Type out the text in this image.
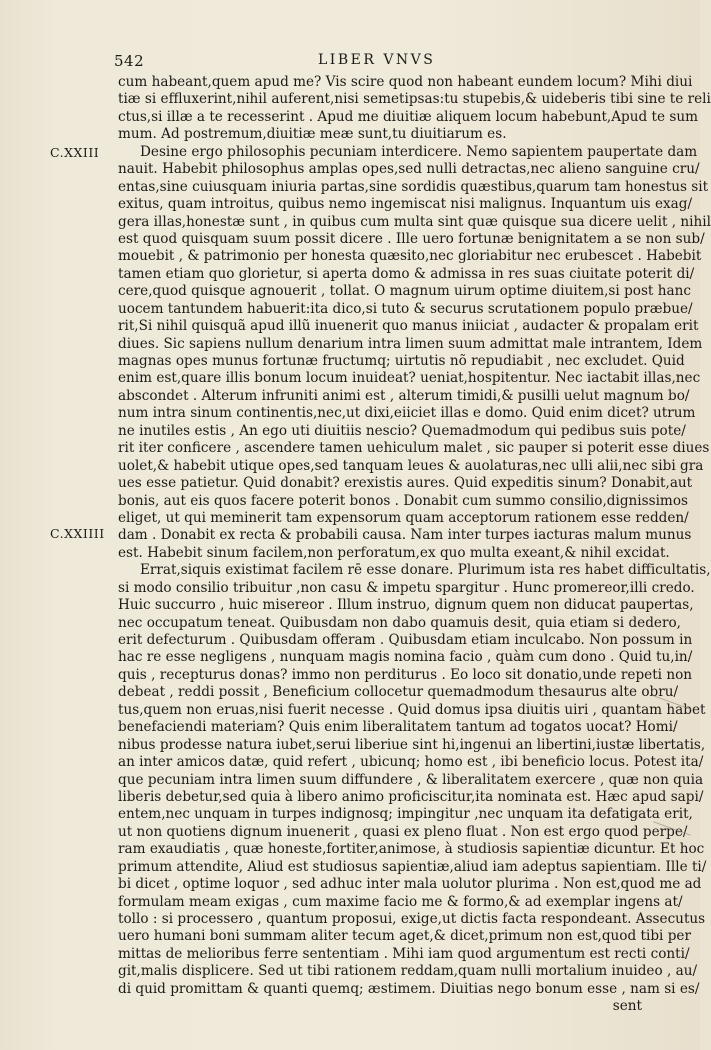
542	LIBER VNVS
C.XXIII
C.XXIIII
cum habeant,quem apud me? Vis scire quod non habeant eundem locum? Mihi diui
tiæ si effluxerint,nihil auferent,nisi semetipsas:tu stupebis,& uideberis tibi sine te reli
ctus,si illæ a te recesserint . Apud me diuitiæ aliquem locum habebunt,Apud te sum
mum. Ad postremum,diuitiæ meæ sunt,tu diuitiarum es.
Desine ergo philosophis pecuniam interdicere. Nemo sapientem paupertate dam
nauit. Habebit philosophus amplas opes,sed nulli detractas,nec alieno sanguine cru/
entas,sine cuiusquam iniuria partas,sine sordidis quæstibus,quarum tam honestus sit
exitus, quam introitus, quibus nemo ingemiscat nisi malignus. Inquantum uis exag/
gera illas,honestæ sunt , in quibus cum multa sint quæ quisque sua dicere uelit , nihil
est quod quisquam suum possit dicere . Ille uero fortunæ benignitatem a se non sub/
mouebit , & patrimonio per honesta quæsito,nec gloriabitur nec erubescet . Habebit
tamen etiam quo glorietur, si aperta domo & admissa in res suas ciuitate poterit di/
cere,quod quisque agnouerit , tollat. O magnum uirum optime diuitem,si post hanc
uocem tantundem habuerit:ita dico,si tuto & securus scrutationem populo præbue/
rit,Si nihil quisquã apud illũ inuenerit quo manus iniiciat , audacter & propalam erit
diues. Sic sapiens nullum denarium intra limen suum admittat male intrantem, Idem
magnas opes munus fortunæ fructumq; uirtutis nõ repudiabit , nec excludet. Quid
enim est,quare illis bonum locum inuideat? ueniat,hospitentur. Nec iactabit illas,nec
abscondet . Alterum infruniti animi est , alterum timidi,& pusilli uelut magnum bo/
num intra sinum continentis,nec,ut dixi,eiiciet illas e domo. Quid enim dicet? utrum
ne inutiles estis , An ego uti diuitiis nescio? Quemadmodum qui pedibus suis pote/
rit iter conficere , ascendere tamen uehiculum malet , sic pauper si poterit esse diues
uolet,& habebit utique opes,sed tanquam leues & auolaturas,nec ulli alii,nec sibi gra
ues esse patietur. Quid donabit? erexistis aures. Quid expeditis sinum? Donabit,aut
bonis, aut eis quos facere poterit bonos . Donabit cum summo consilio,dignissimos
eliget, ut qui meminerit tam expensorum quam acceptorum rationem esse redden/
dam . Donabit ex recta & probabili causa. Nam inter turpes iacturas malum munus
est. Habebit sinum facilem,non perforatum,ex quo multa exeant,& nihil excidat.
Errat,siquis existimat facilem rē esse donare. Plurimum ista res habet difficultatis,
si modo consilio tribuitur ,non casu & impetu spargitur . Hunc promereor,illi credo.
Huic succurro , huic misereor . Illum instruo, dignum quem non diducat paupertas,
nec occupatum teneat. Quibusdam non dabo quamuis desit, quia etiam si dedero,
erit defecturum . Quibusdam offeram . Quibusdam etiam inculcabo. Non possum in
hac re esse negligens , nunquam magis nomina facio , quàm cum dono . Quid tu,in/
quis , recepturus donas? immo non perditurus . Eo loco sit donatio,unde repeti non
debeat , reddi possit , Beneficium collocetur quemadmodum thesaurus alte obru/
tus,quem non eruas,nisi fuerit necesse . Quid domus ipsa diuitis uiri , quantam habet
benefaciendi materiam? Quis enim liberalitatem tantum ad togatos uocat? Homi/
nibus prodesse natura iubet,serui liberiue sint hi,ingenui an libertini,iustæ libertatis,
an inter amicos datæ, quid refert , ubicunq; homo est , ibi beneficio locus. Potest ita/
que pecuniam intra limen suum diffundere , & liberalitatem exercere , quæ non quia
liberis debetur,sed quia à libero animo proficiscitur,ita nominata est. Hæc apud sapi/
entem,nec unquam in turpes indignosq; impingitur ,nec unquam ita defatigata erit,
ut non quotiens dignum inuenerit , quasi ex pleno fluat . Non est ergo quod perpe/
ram exaudiatis , quæ honeste,fortiter,animose, à studiosis sapientiæ dicuntur. Et hoc
primum attendite, Aliud est studiosus sapientiæ,aliud iam adeptus sapientiam. Ille ti/
bi dicet , optime loquor , sed adhuc inter mala uolutor plurima . Non est,quod me ad
formulam meam exigas , cum maxime facio me & formo,& ad exemplar ingens at/
tollo : si processero , quantum proposui, exige,ut dictis facta respondeant. Assecutus
uero humani boni summam aliter tecum aget,& dicet,primum non est,quod tibi per
mittas de melioribus ferre sententiam . Mihi iam quod argumentum est recti conti/
git,malis displicere. Sed ut tibi rationem reddam,quam nulli mortalium inuideo , au/
di quid promittam & quanti quemq; æstimem. Diuitias nego bonum esse , nam si es/
sent
